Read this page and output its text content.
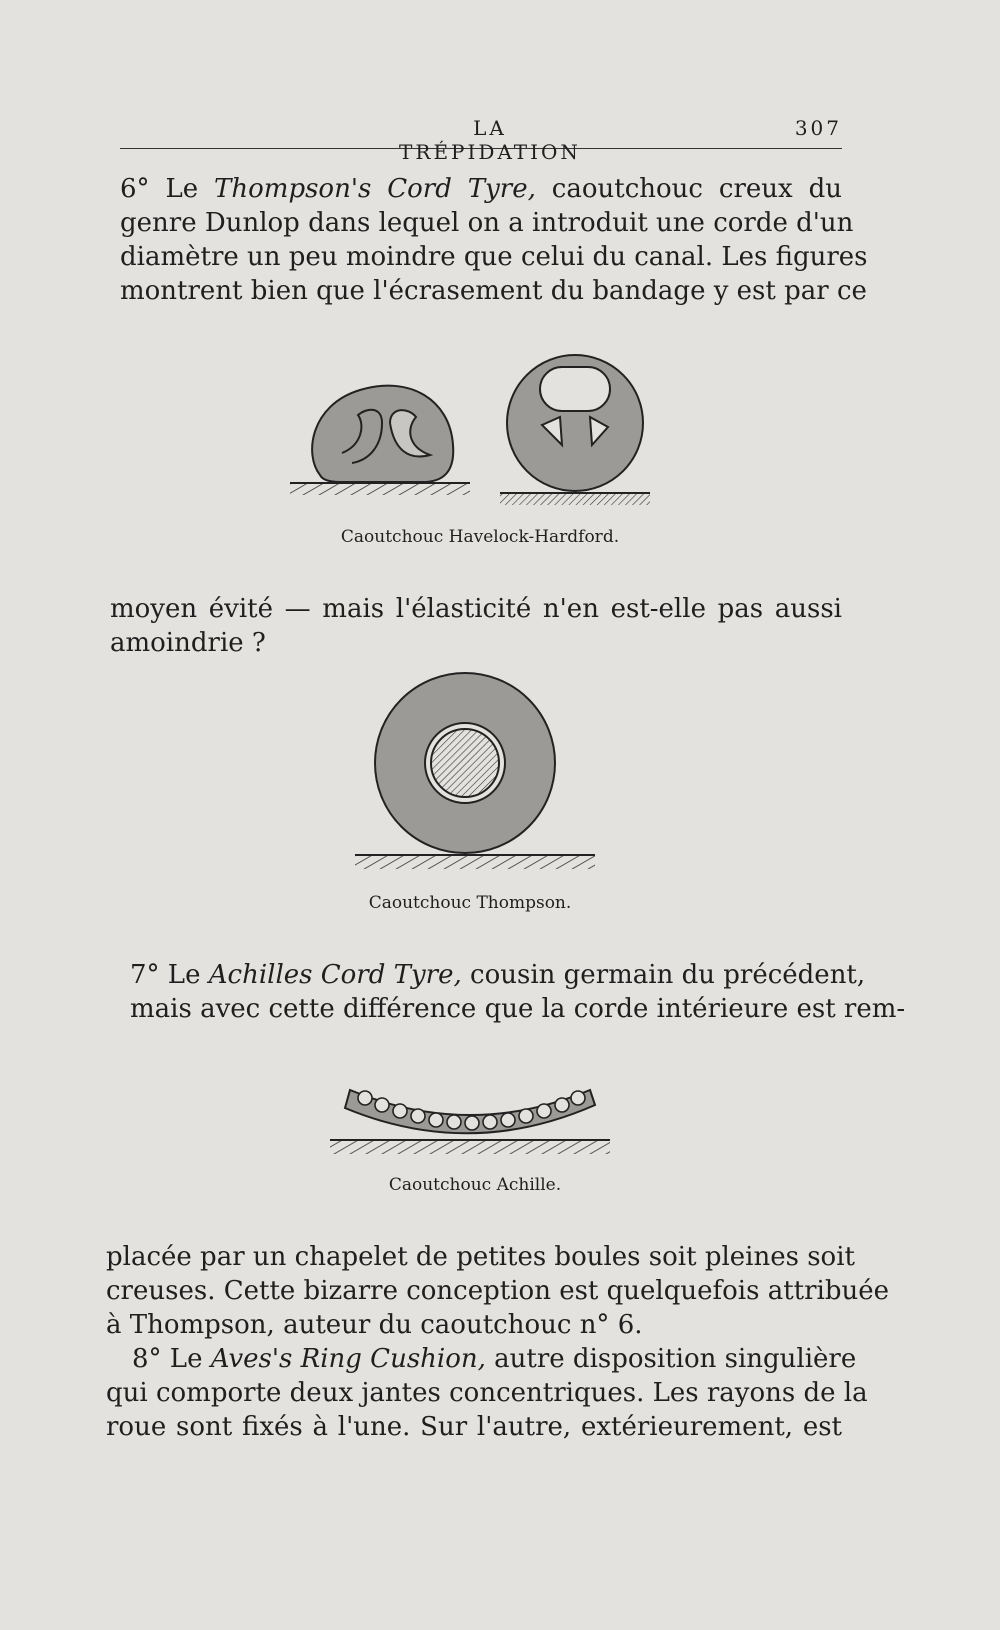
LA TRÉPIDATION
307
6° Le Thompson's Cord Tyre, caoutchouc creux du
genre Dunlop dans lequel on a introduit une corde d'un
diamètre un peu moindre que celui du canal. Les figures
montrent bien que l'écrasement du bandage y est par ce
Caoutchouc Havelock-Hardford.
moyen évité — mais l'élasticité n'en est-elle pas aussi
amoindrie ?
Caoutchouc Thompson.
7° Le Achilles Cord Tyre, cousin germain du précédent,
mais avec cette différence que la corde intérieure est rem-
Caoutchouc Achille.
placée par un chapelet de petites boules soit pleines soit
creuses. Cette bizarre conception est quelquefois attribuée
à Thompson, auteur du caoutchouc n° 6.
8° Le Aves's Ring Cushion, autre disposition singulière
qui comporte deux jantes concentriques. Les rayons de la
roue sont fixés à l'une. Sur l'autre, extérieurement, est
